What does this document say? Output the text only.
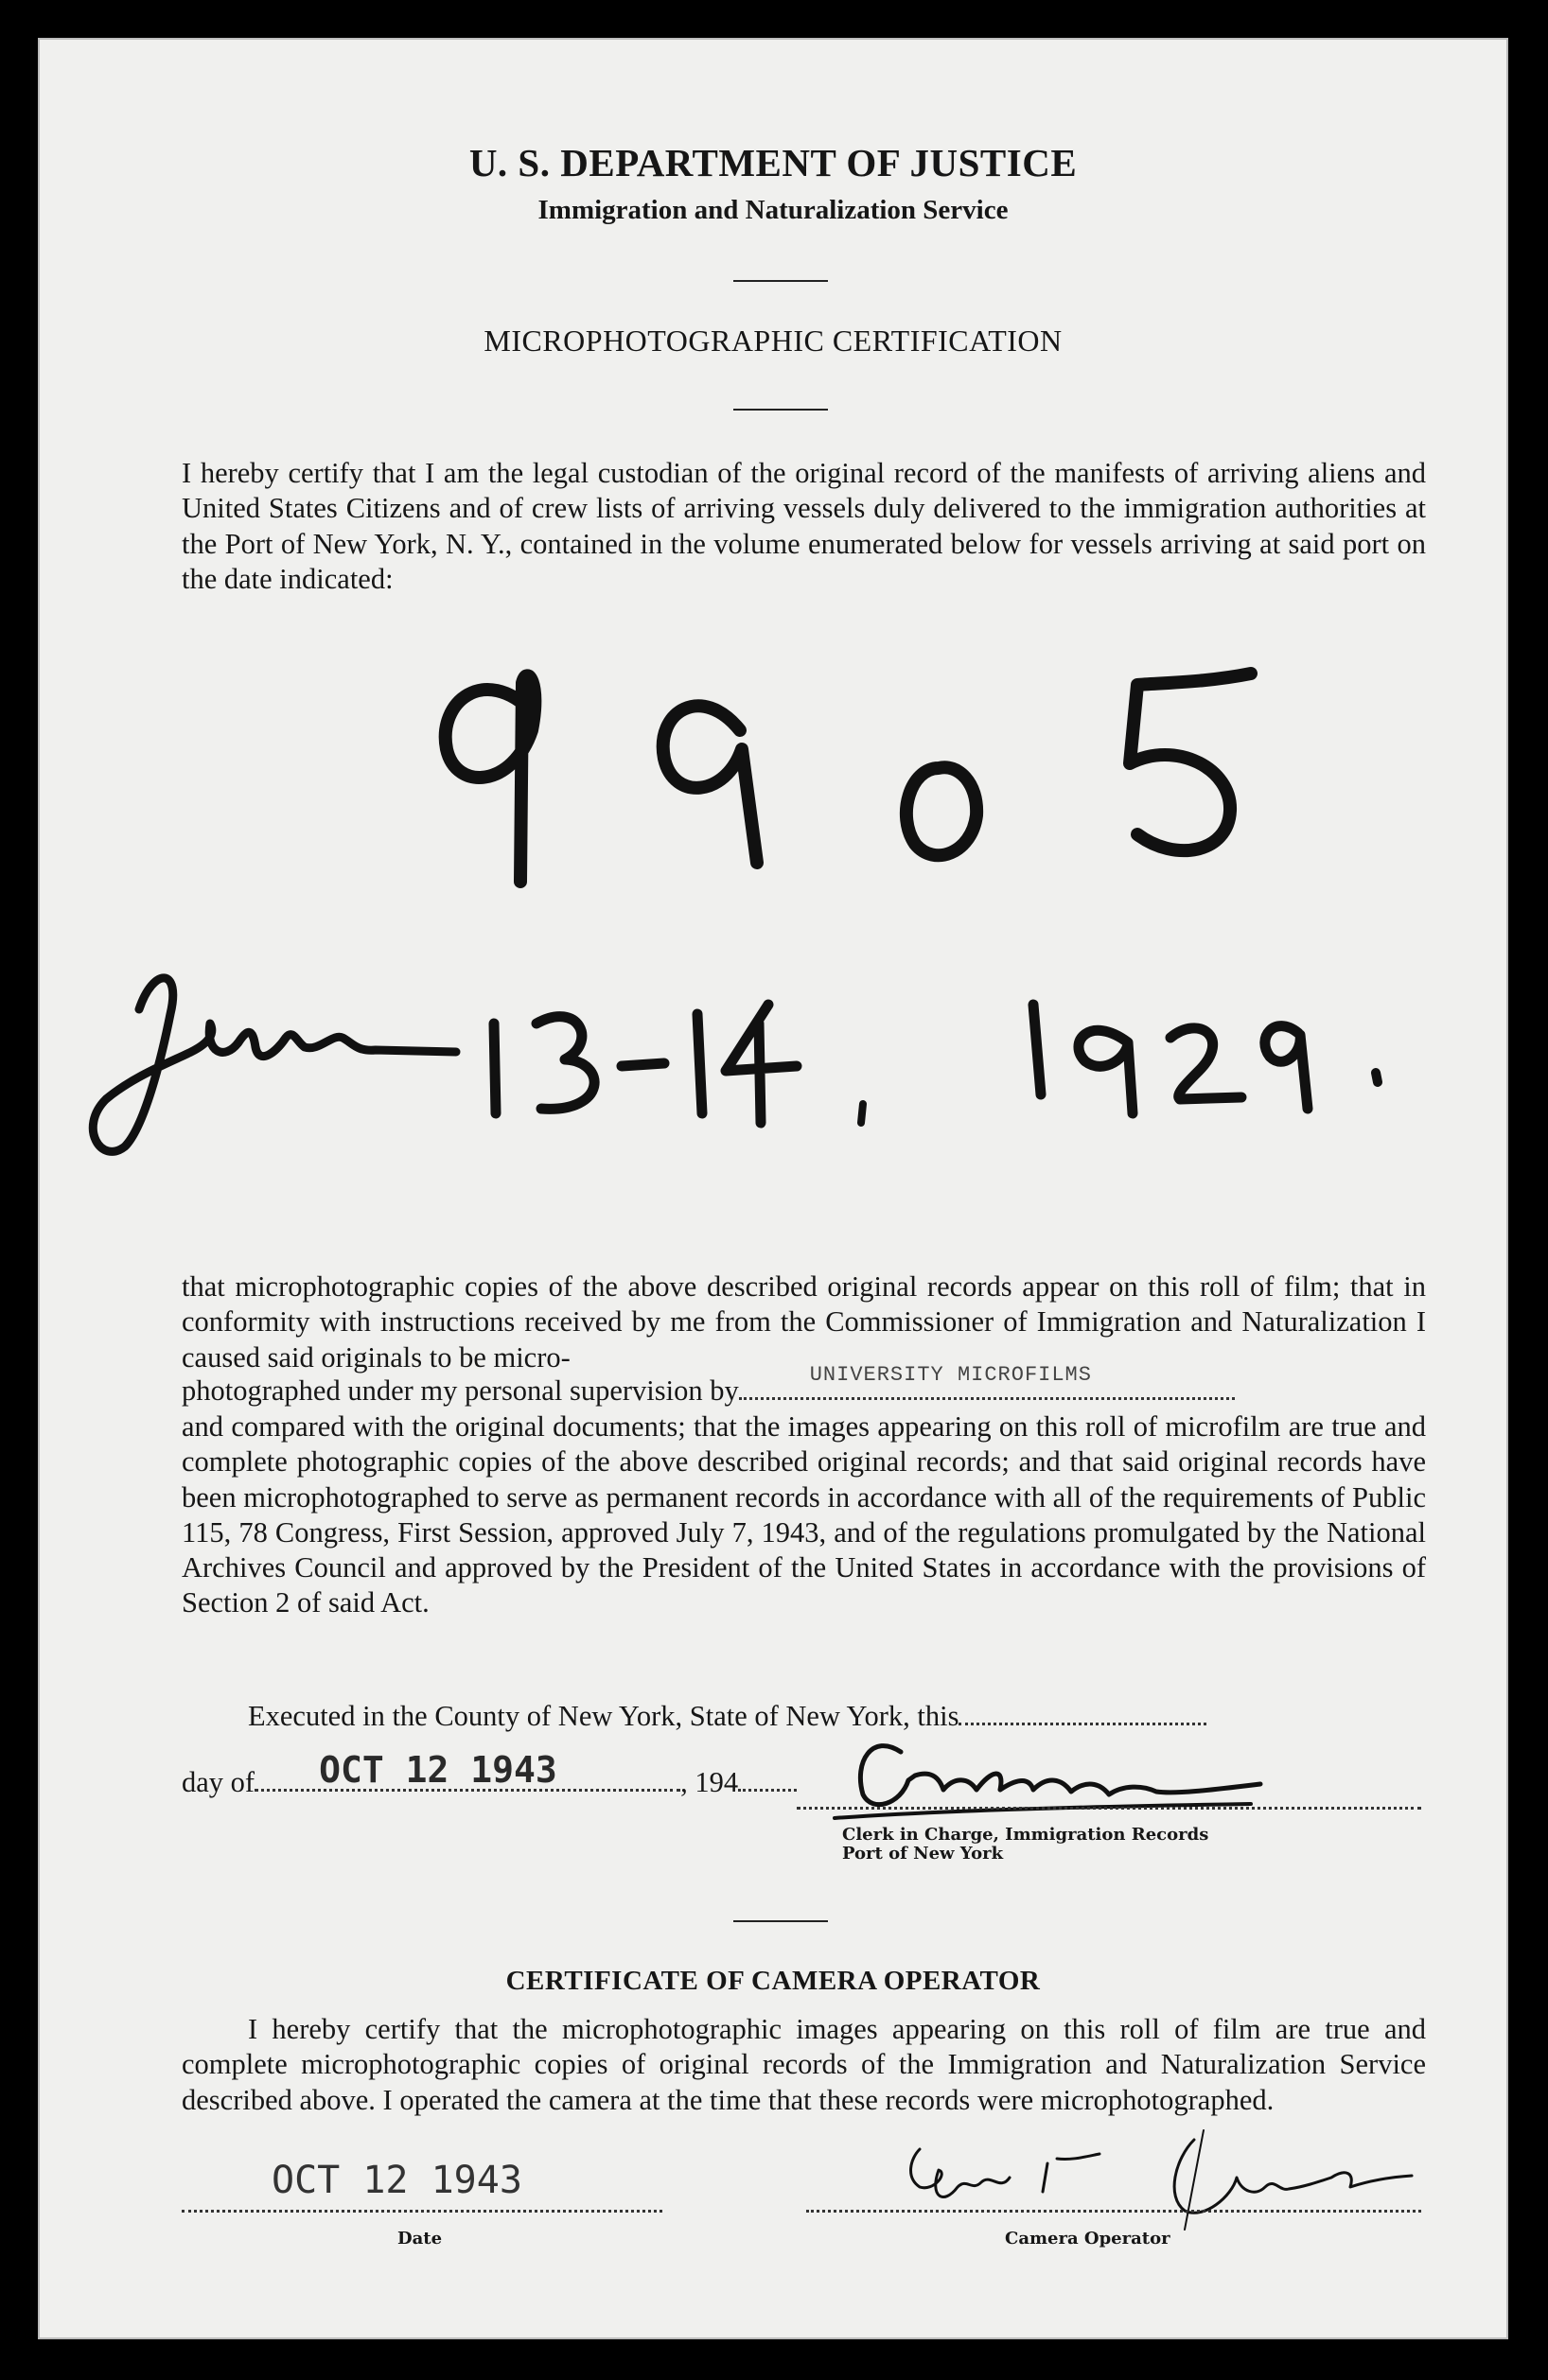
U. S. DEPARTMENT OF JUSTICE
Immigration and Naturalization Service
MICROPHOTOGRAPHIC CERTIFICATION
I hereby certify that I am the legal custodian of the original record of the manifests of arriving aliens and United States Citizens and of crew lists of arriving vessels duly delivered to the immigration authorities at the Port of New York, N. Y., contained in the volume enumerated below for vessels arriving at said port on the date indicated:
that microphotographic copies of the above described original records appear on this roll of film; that in conformity with instructions received by me from the Commissioner of Immigration and Naturalization I caused said originals to be micro-
photographed under my personal supervision by	UNIVERSITY MICROFILMS
and compared with the original documents; that the images appearing on this roll of microfilm are true and complete photographic copies of the above described original records; and that said original records have been microphotographed to serve as permanent records in accordance with all of the requirements of Public 115, 78 Congress, First Session, approved July 7, 1943, and of the regulations promulgated by the National Archives Council and approved by the President of the United States in accordance with the provisions of Section 2 of said Act.
Executed in the County of New York, State of New York, this
day of OCT 12 1943	, 194
Clerk in Charge, Immigration Records
Port of New York
CERTIFICATE OF CAMERA OPERATOR
I hereby certify that the microphotographic images appearing on this roll of film are true and complete microphotographic copies of original records of the Immigration and Naturalization Service described above. I operated the camera at the time that these records were microphotographed.
OCT 12 1943
Date	Camera Operator
